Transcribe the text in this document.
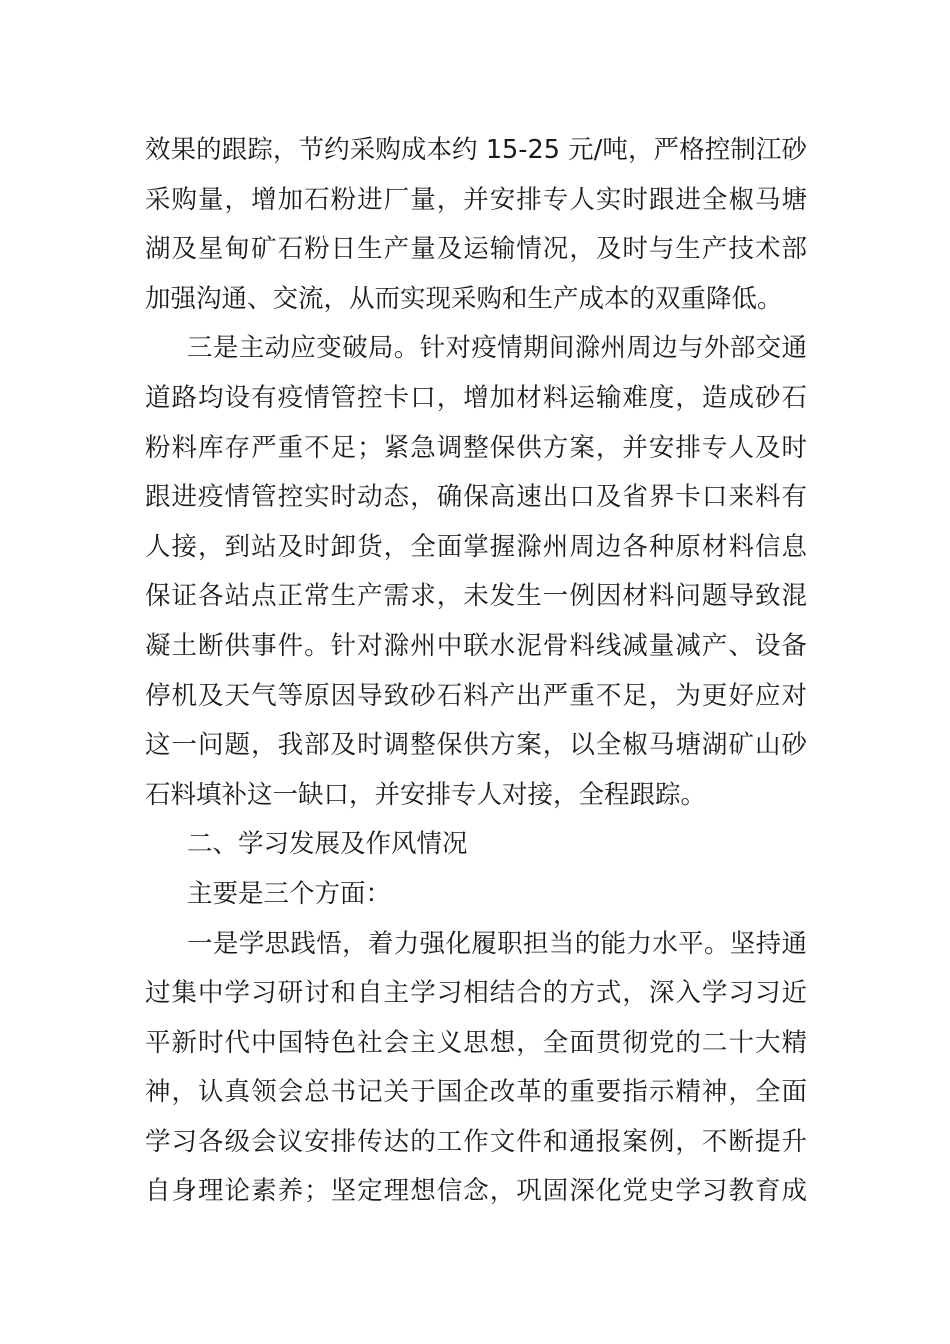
效果的跟踪，节约采购成本约 15-25 元/吨，严格控制江砂
采购量，增加石粉进厂量，并安排专人实时跟进全椒马塘
湖及星甸矿石粉日生产量及运输情况，及时与生产技术部
加强沟通、交流，从而实现采购和生产成本的双重降低。
三是主动应变破局。针对疫情期间滁州周边与外部交通
道路均设有疫情管控卡口，增加材料运输难度，造成砂石
粉料库存严重不足；紧急调整保供方案，并安排专人及时
跟进疫情管控实时动态，确保高速出口及省界卡口来料有
人接，到站及时卸货，全面掌握滁州周边各种原材料信息
保证各站点正常生产需求，未发生一例因材料问题导致混
凝土断供事件。针对滁州中联水泥骨料线减量减产、设备
停机及天气等原因导致砂石料产出严重不足，为更好应对
这一问题，我部及时调整保供方案，以全椒马塘湖矿山砂
石料填补这一缺口，并安排专人对接，全程跟踪。
二、学习发展及作风情况
主要是三个方面：
一是学思践悟，着力强化履职担当的能力水平。坚持通
过集中学习研讨和自主学习相结合的方式，深入学习习近
平新时代中国特色社会主义思想，全面贯彻党的二十大精
神，认真领会总书记关于国企改革的重要指示精神，全面
学习各级会议安排传达的工作文件和通报案例，不断提升
自身理论素养；坚定理想信念，巩固深化党史学习教育成
